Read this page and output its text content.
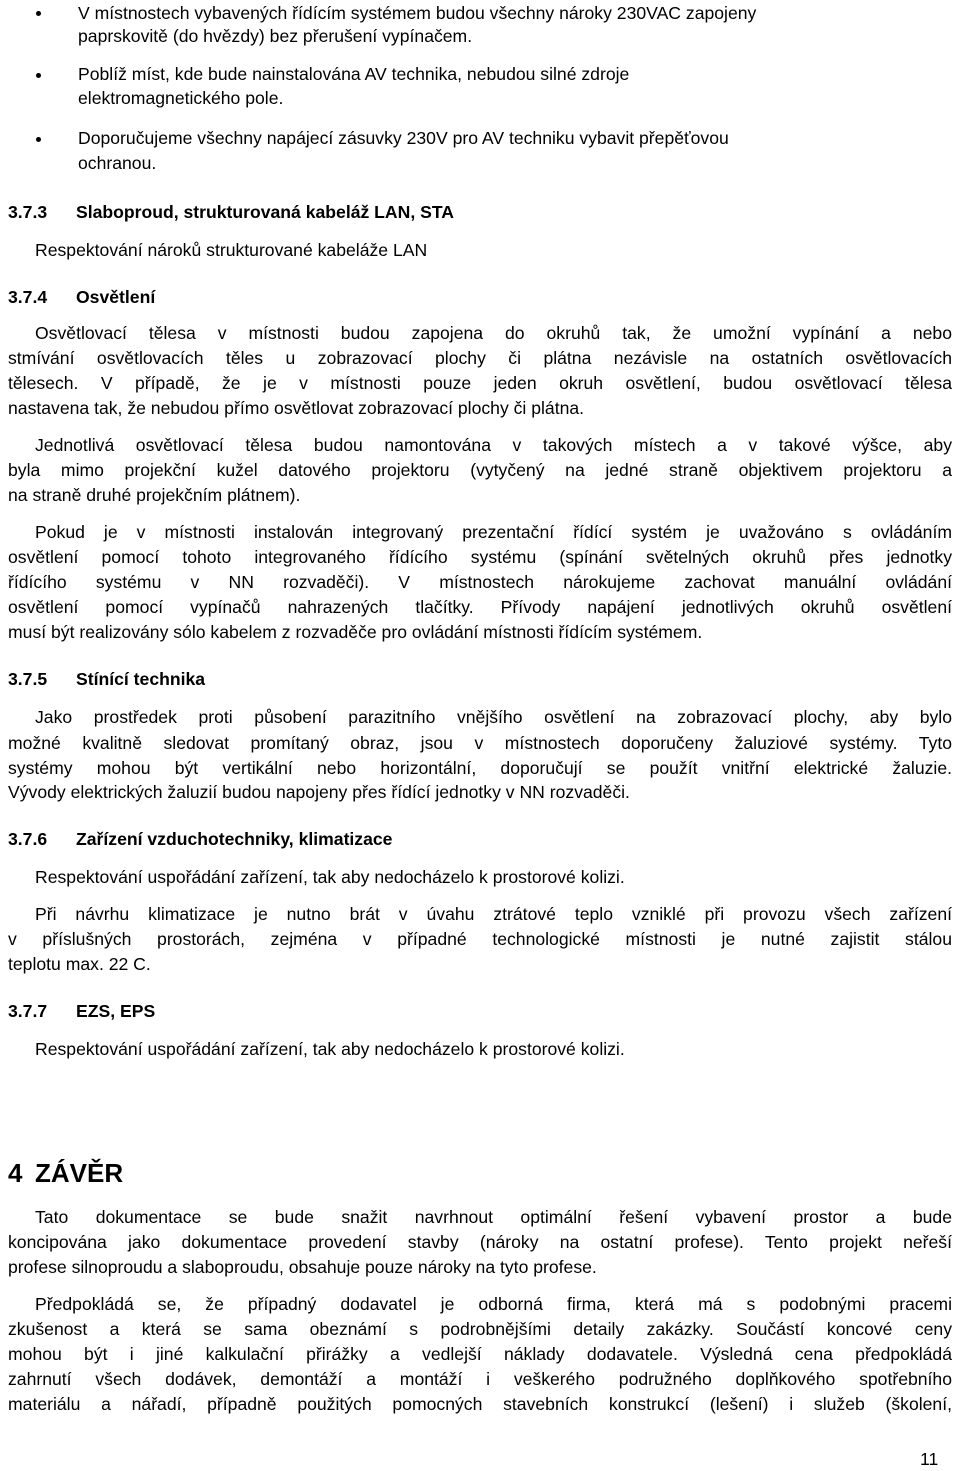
V místnostech vybavených řídícím systémem budou všechny nároky 230VAC zapojeny
paprskovitě (do hvězdy) bez přerušení vypínačem.
Poblíž míst, kde bude nainstalována AV technika, nebudou silné zdroje
elektromagnetického pole.
Doporučujeme všechny napájecí zásuvky 230V pro AV techniku vybavit přepěťovou
ochranou.
3.7.3 Slaboproud, strukturovaná kabeláž LAN, STA
Respektování nároků strukturované kabeláže LAN
3.7.4 Osvětlení
Osvětlovací tělesa v místnosti budou zapojena do okruhů tak, že umožní vypínání a nebo
stmívání osvětlovacích těles u zobrazovací plochy či plátna nezávisle na ostatních osvětlovacích
tělesech. V případě, že je v místnosti pouze jeden okruh osvětlení, budou osvětlovací tělesa
nastavena tak, že nebudou přímo osvětlovat zobrazovací plochy či plátna.
Jednotlivá osvětlovací tělesa budou namontována v takových místech a v takové výšce, aby
byla mimo projekční kužel datového projektoru (vytyčený na jedné straně objektivem projektoru a
na straně druhé projekčním plátnem).
Pokud je v místnosti instalován integrovaný prezentační řídící systém je uvažováno s ovládáním
osvětlení pomocí tohoto integrovaného řídícího systému (spínání světelných okruhů přes jednotky
řídícího systému v NN rozvaděči). V místnostech nárokujeme zachovat manuální ovládání
osvětlení pomocí vypínačů nahrazených tlačítky. Přívody napájení jednotlivých okruhů osvětlení
musí být realizovány sólo kabelem z rozvaděče pro ovládání místnosti řídícím systémem.
3.7.5 Stínící technika
Jako prostředek proti působení parazitního vnějšího osvětlení na zobrazovací plochy, aby bylo
možné kvalitně sledovat promítaný obraz, jsou v místnostech doporučeny žaluziové systémy. Tyto
systémy mohou být vertikální nebo horizontální, doporučují se použít vnitřní elektrické žaluzie.
Vývody elektrických žaluzií budou napojeny přes řídící jednotky v NN rozvaděči.
3.7.6 Zařízení vzduchotechniky, klimatizace
Respektování uspořádání zařízení, tak aby nedocházelo k prostorové kolizi.
Při návrhu klimatizace je nutno brát v úvahu ztrátové teplo vzniklé při provozu všech zařízení
v příslušných prostorách, zejména v případné technologické místnosti je nutné zajistit stálou
teplotu max. 22 C.
3.7.7 EZS, EPS
Respektování uspořádání zařízení, tak aby nedocházelo k prostorové kolizi.
4 ZÁVĚR
Tato dokumentace se bude snažit navrhnout optimální řešení vybavení prostor a bude
koncipována jako dokumentace provedení stavby (nároky na ostatní profese). Tento projekt neřeší
profese silnoproudu a slaboproudu, obsahuje pouze nároky na tyto profese.
Předpokládá se, že případný dodavatel je odborná firma, která má s podobnými pracemi
zkušenost a která se sama obeznámí s podrobnějšími detaily zakázky. Součástí koncové ceny
mohou být i jiné kalkulační přirážky a vedlejší náklady dodavatele. Výsledná cena předpokládá
zahrnutí všech dodávek, demontáží a montáží i veškerého podružného doplňkového spotřebního
materiálu a nářadí, případně použitých pomocných stavebních konstrukcí (lešení) i služeb (školení,
11
